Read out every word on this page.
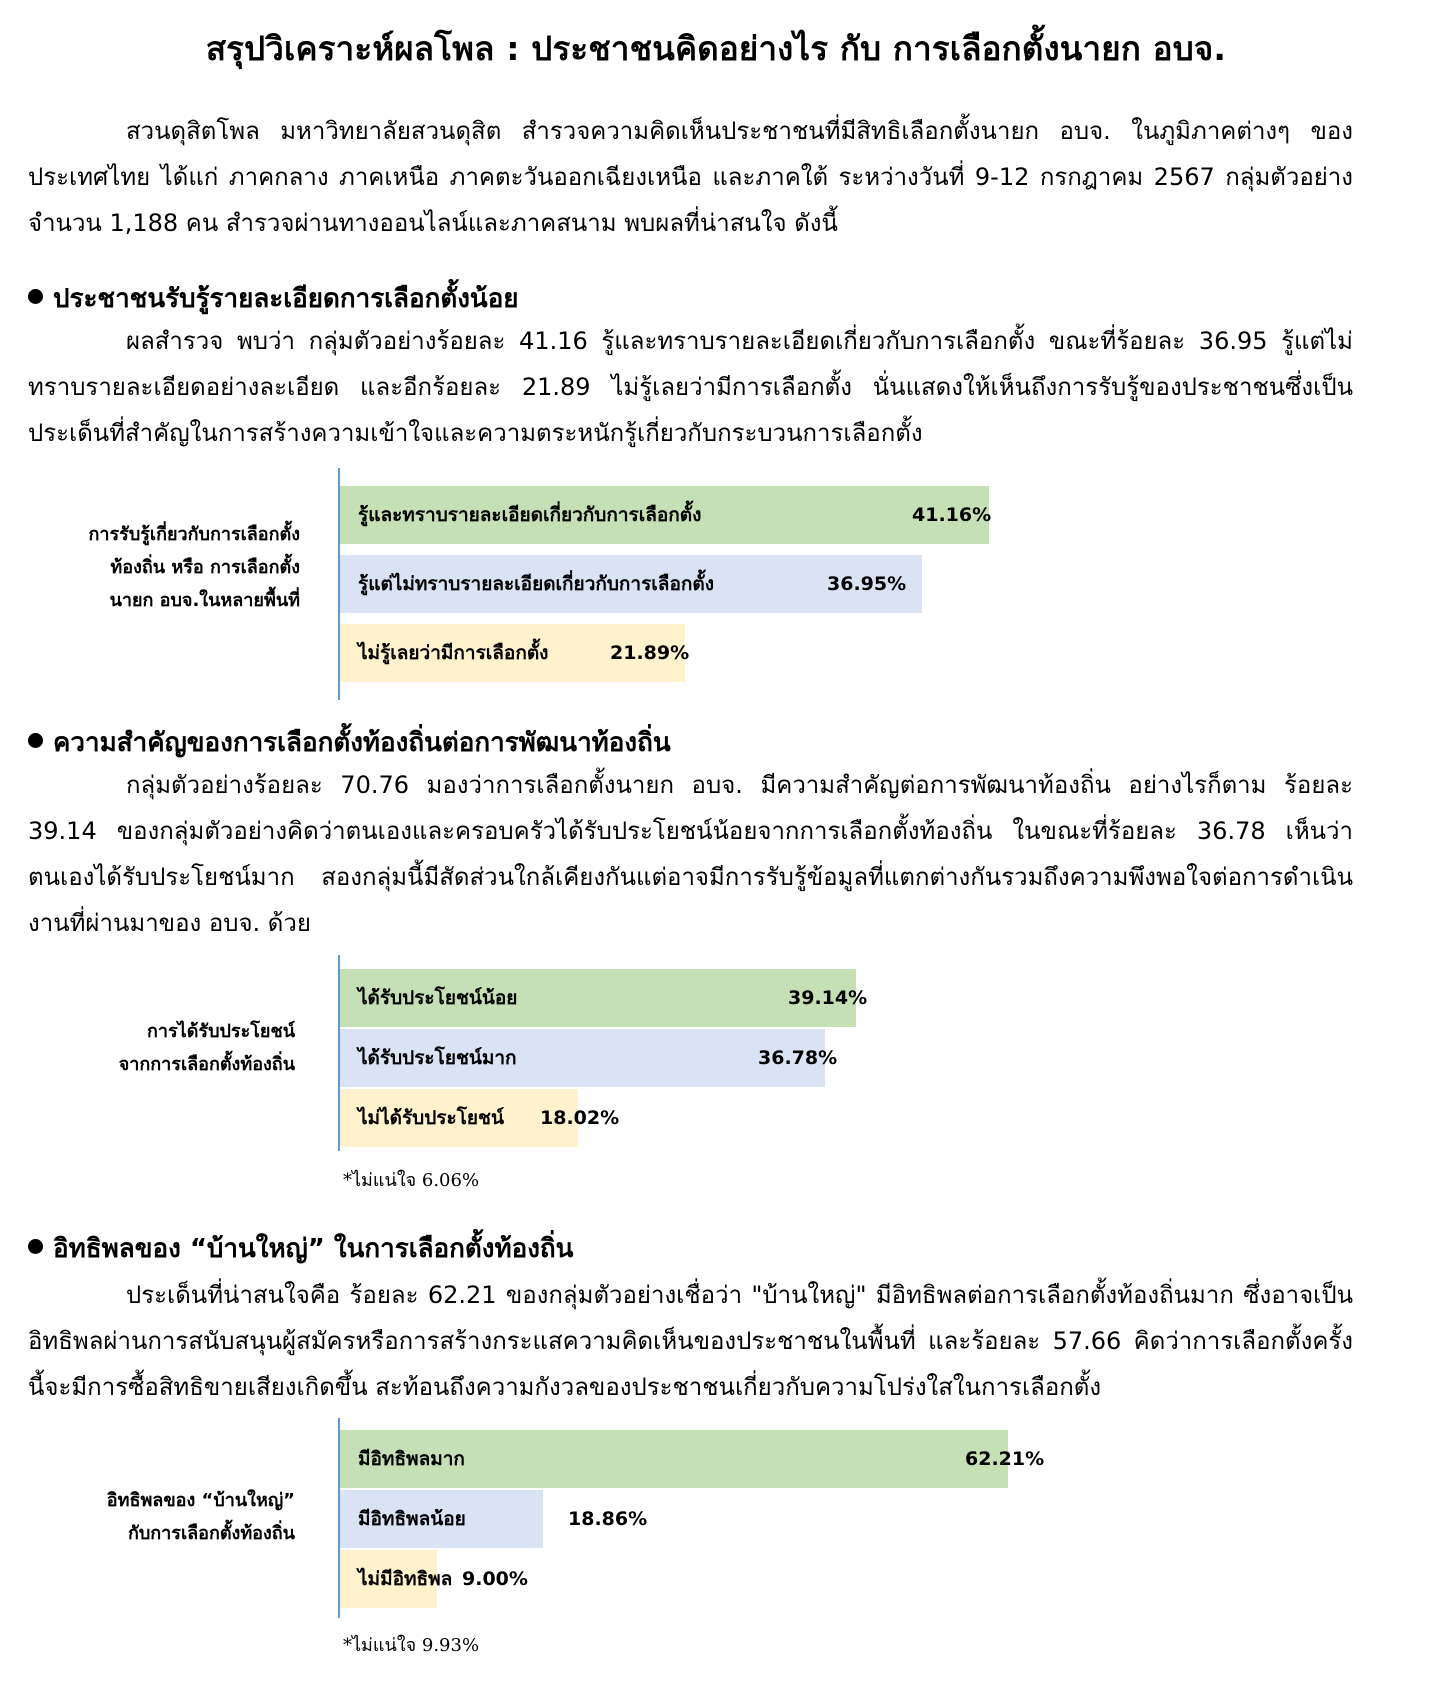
สรุปวิเคราะห์ผลโพล : ประชาชนคิดอย่างไร กับ การเลือกตั้งนายก อบจ.
สวนดุสิตโพล มหาวิทยาลัยสวนดุสิต สำรวจความคิดเห็นประชาชนที่มีสิทธิเลือกตั้งนายก อบจ. ในภูมิภาคต่างๆ ของประเทศไทย ได้แก่ ภาคกลาง ภาคเหนือ ภาคตะวันออกเฉียงเหนือ และภาคใต้ ระหว่างวันที่ 9-12 กรกฎาคม 2567 กลุ่มตัวอย่างจำนวน 1,188 คน สำรวจผ่านทางออนไลน์และภาคสนาม พบผลที่น่าสนใจ ดังนี้
ประชาชนรับรู้รายละเอียดการเลือกตั้งน้อย
ผลสำรวจ พบว่า กลุ่มตัวอย่างร้อยละ 41.16 รู้และทราบรายละเอียดเกี่ยวกับการเลือกตั้ง ขณะที่ร้อยละ 36.95 รู้แต่ไม่ทราบรายละเอียดอย่างละเอียด และอีกร้อยละ 21.89 ไม่รู้เลยว่ามีการเลือกตั้ง นั่นแสดงให้เห็นถึงการรับรู้ของประชาชนซึ่งเป็นประเด็นที่สำคัญในการสร้างความเข้าใจและความตระหนักรู้เกี่ยวกับกระบวนการเลือกตั้ง
การรับรู้เกี่ยวกับการเลือกตั้ง
ท้องถิ่น หรือ การเลือกตั้ง
นายก อบจ.ในหลายพื้นที่
รู้และทราบรายละเอียดเกี่ยวกับการเลือกตั้ง	41.16%
รู้แต่ไม่ทราบรายละเอียดเกี่ยวกับการเลือกตั้ง	36.95%
ไม่รู้เลยว่ามีการเลือกตั้ง	21.89%
ความสำคัญของการเลือกตั้งท้องถิ่นต่อการพัฒนาท้องถิ่น
กลุ่มตัวอย่างร้อยละ 70.76 มองว่าการเลือกตั้งนายก อบจ. มีความสำคัญต่อการพัฒนาท้องถิ่น อย่างไรก็ตาม ร้อยละ 39.14 ของกลุ่มตัวอย่างคิดว่าตนเองและครอบครัวได้รับประโยชน์น้อยจากการเลือกตั้งท้องถิ่น ในขณะที่ร้อยละ 36.78 เห็นว่าตนเองได้รับประโยชน์มาก สองกลุ่มนี้มีสัดส่วนใกล้เคียงกันแต่อาจมีการรับรู้ข้อมูลที่แตกต่างกันรวมถึงความพึงพอใจต่อการดำเนินงานที่ผ่านมาของ อบจ. ด้วย
การได้รับประโยชน์
จากการเลือกตั้งท้องถิ่น
*ไม่แน่ใจ 6.06%
ได้รับประโยชน์น้อย	39.14%
ได้รับประโยชน์มาก	36.78%
ไม่ได้รับประโยชน์ 18.02%
อิทธิพลของ “บ้านใหญ่” ในการเลือกตั้งท้องถิ่น
ประเด็นที่น่าสนใจคือ ร้อยละ 62.21 ของกลุ่มตัวอย่างเชื่อว่า "บ้านใหญ่" มีอิทธิพลต่อการเลือกตั้งท้องถิ่นมาก ซึ่งอาจเป็นอิทธิพลผ่านการสนับสนุนผู้สมัครหรือการสร้างกระแสความคิดเห็นของประชาชนในพื้นที่ และร้อยละ 57.66 คิดว่าการเลือกตั้งครั้งนี้จะมีการซื้อสิทธิขายเสียงเกิดขึ้น สะท้อนถึงความกังวลของประชาชนเกี่ยวกับความโปร่งใสในการเลือกตั้ง
อิทธิพลของ “บ้านใหญ่”
กับการเลือกตั้งท้องถิ่น
*ไม่แน่ใจ 9.93%
มีอิทธิพลมาก	62.21%
มีอิทธิพลน้อย	18.86%
ไม่มีอิทธิพล 9.00%
